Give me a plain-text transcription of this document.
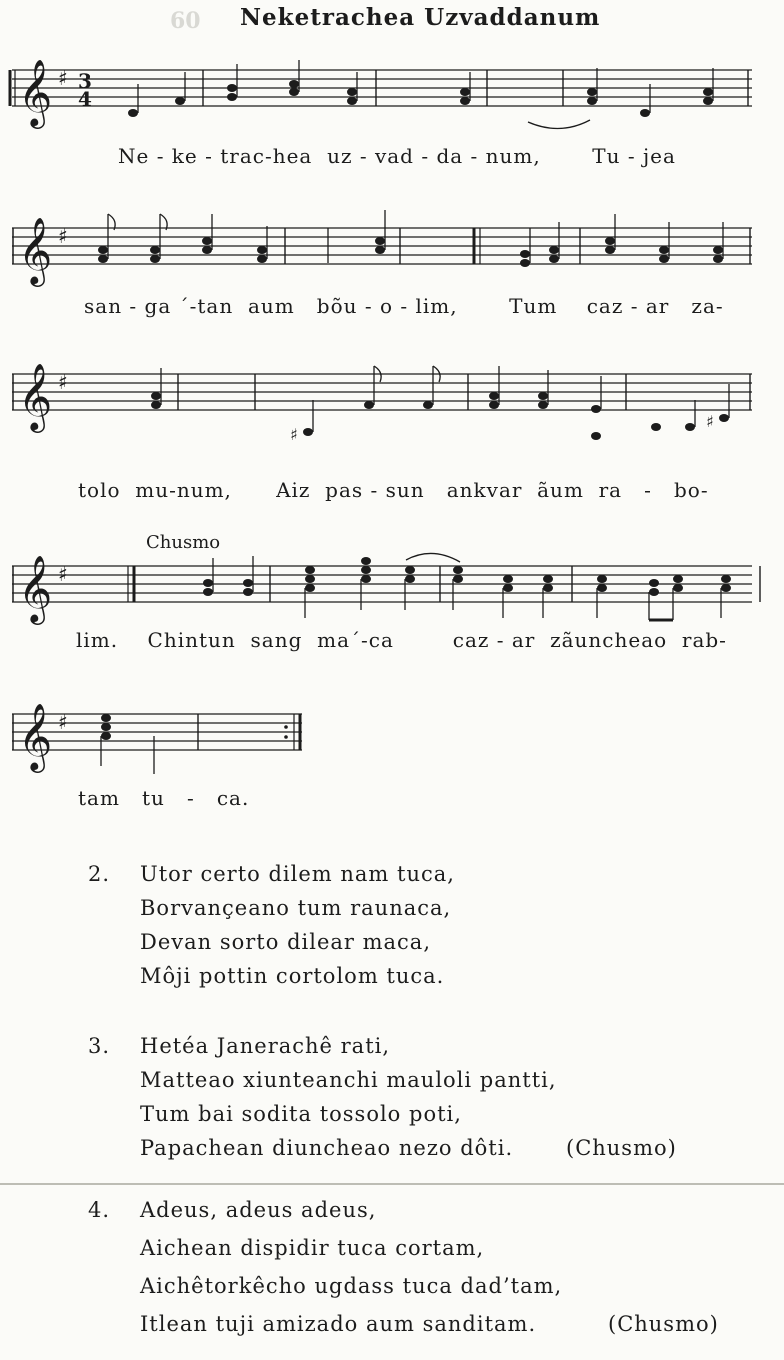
60 Neketrachea Uzvaddanum
𝄞 ♯ 3
4
Ne - ke - trac-hea  uz - vad - da - num,       Tu - jea
𝄞 ♯
san - ga ´-tan  aum   bõu - o - lim,       Tum    caz - ar   za-
𝄞 ♯
♯
♯
tolo  mu-num,      Aiz  pas - sun   ankvar  ãum  ra   -   bo-
Chusmo
𝄞 ♯
lim.    Chintun  sang  ma´-ca        caz - ar  zãuncheao  rab-
𝄞 ♯
tam   tu   -   ca.
2. Utor certo dilem nam tuca,
Borvançeano tum raunaca,
Devan sorto dilear maca,
Môji pottin cortolom tuca.
3. Hetéa Janerachê rati,
Matteao xiunteanchi mauloli pantti,
Tum bai sodita tossolo poti,
Papachean diuncheao nezo dôti.	(Chusmo)
4. Adeus, adeus adeus,
Aichean dispidir tuca cortam,
Aichêtorkêcho ugdass tuca dad’tam,
Itlean tuji amizado aum sanditam.	(Chusmo)
